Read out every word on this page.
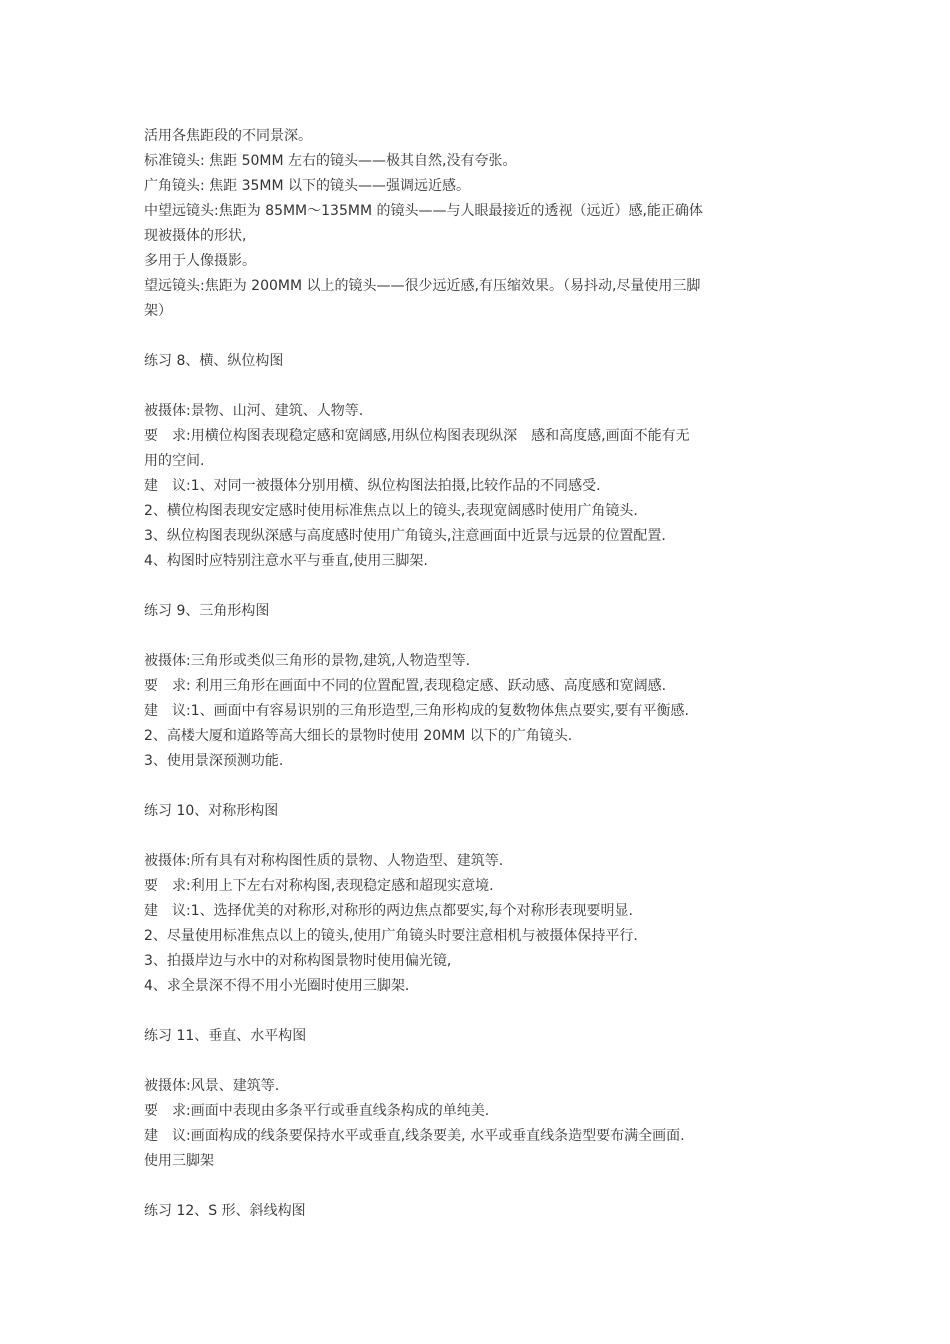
活用各焦距段的不同景深。
标准镜头: 焦距 50MM 左右的镜头——极其自然,没有夸张。
广角镜头: 焦距 35MM 以下的镜头——强调远近感。
中望远镜头:焦距为 85MM～135MM 的镜头——与人眼最接近的透视（远近）感,能正确体
现被摄体的形状,
多用于人像摄影。
望远镜头:焦距为 200MM 以上的镜头——很少远近感,有压缩效果。（易抖动,尽量使用三脚
架）
练习 8、横、纵位构图
被摄体:景物、山河、建筑、人物等.
要　求:用横位构图表现稳定感和宽阔感,用纵位构图表现纵深　感和高度感,画面不能有无
用的空间.
建　议:1、对同一被摄体分别用横、纵位构图法拍摄,比较作品的不同感受.
2、横位构图表现安定感时使用标准焦点以上的镜头,表现宽阔感时使用广角镜头.
3、纵位构图表现纵深感与高度感时使用广角镜头,注意画面中近景与远景的位置配置.
4、构图时应特别注意水平与垂直,使用三脚架.
练习 9、三角形构图
被摄体:三角形或类似三角形的景物,建筑,人物造型等.
要　求: 利用三角形在画面中不同的位置配置,表现稳定感、跃动感、高度感和宽阔感.
建　议:1、画面中有容易识别的三角形造型,三角形构成的复数物体焦点要实,要有平衡感.
2、高楼大厦和道路等高大细长的景物时使用 20MM 以下的广角镜头.
3、使用景深预测功能.
练习 10、对称形构图
被摄体:所有具有对称构图性质的景物、人物造型、建筑等.
要　求:利用上下左右对称构图,表现稳定感和超现实意境.
建　议:1、选择优美的对称形,对称形的两边焦点都要实,每个对称形表现要明显.
2、尽量使用标准焦点以上的镜头,使用广角镜头时要注意相机与被摄体保持平行.
3、拍摄岸边与水中的对称构图景物时使用偏光镜,
4、求全景深不得不用小光圈时使用三脚架.
练习 11、垂直、水平构图
被摄体:风景、建筑等.
要　求:画面中表现由多条平行或垂直线条构成的单纯美.
建　议:画面构成的线条要保持水平或垂直,线条要美, 水平或垂直线条造型要布满全画面.
使用三脚架
练习 12、S 形、斜线构图
